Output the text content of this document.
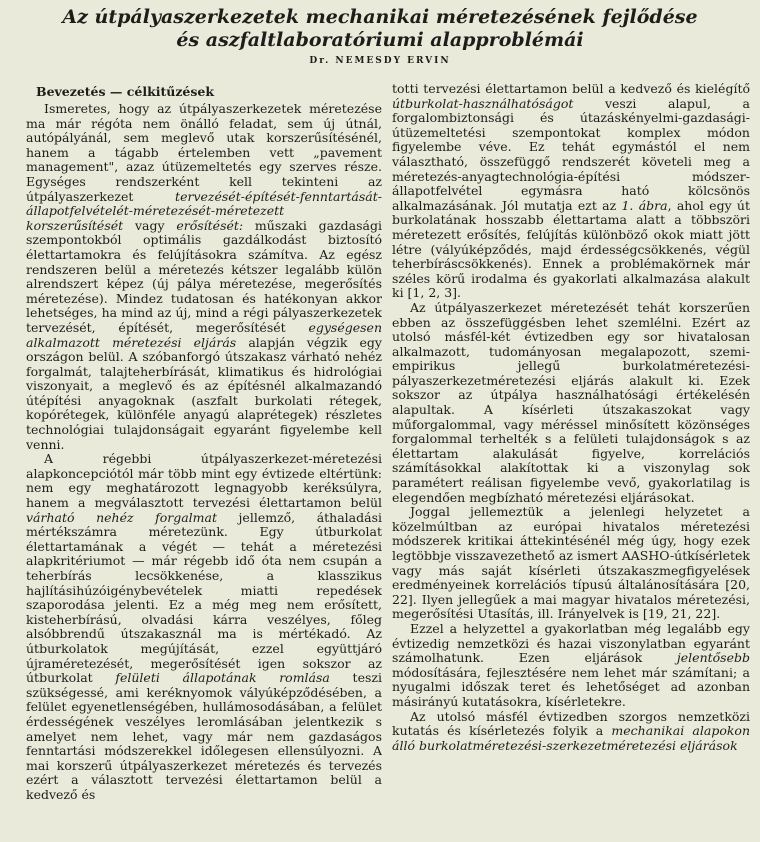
Az útpályaszerkezetek mechanikai méretezésének fejlődése
és aszfaltlaboratóriumi alapproblémái
Dr. NEMESDY ERVIN
Bevezetés — célkitűzések

Ismeretes, hogy az útpályaszerkezetek méretezése ma már régóta nem önálló feladat, sem új útnál, autópályánál, sem meglevő utak korszerűsítésénél, hanem a tágabb értelemben vett „pavement management", azaz útüzemeltetés egy szerves része. Egységes rendszerként kell tekinteni az útpályaszerkezet tervezését-építését-fenntartását-állapotfelvételét-méretezését-méretezett korszerűsítését vagy erősítését: műszaki gazdasági szempontokból optimális gazdálkodást biztosító élettartamokra és felújításokra számítva. Az egész rendszeren belül a méretezés kétszer legalább külön alrendszert képez (új pálya méretezése, megerősítés méretezése). Mindez tudatosan és hatékonyan akkor lehetséges, ha mind az új, mind a régi pályaszerkezetek tervezését, építését, megerősítését egységesen alkalmazott méretezési eljárás alapján végzik egy országon belül. A szóbanforgó útszakasz várható nehéz forgalmát, talajteherbírását, klimatikus és hidrológiai viszonyait, a meglevő és az építésnél alkalmazandó útépítési anyagoknak (aszfalt burkolati rétegek, kopórétegek, különféle anyagú alaprétegek) részletes technológiai tulajdonságait egyaránt figyelembe kell venni.

A régebbi útpályaszerkezet-méretezési alapkoncepciótól már több mint egy évtizede eltértünk: nem egy meghatározott legnagyobb keréksúlyra, hanem a megválasztott tervezési élettartamon belül várható nehéz forgalmat jellemző, áthaladási mértékszámra méretezünk. Egy útburkolat élettartamának a végét — tehát a méretezési alapkritériumot — már régebb idő óta nem csupán a teherbírás lecsökkenése, a klasszikus hajlításihúzóigénybevételek miatti repedések szaporodása jelenti. Ez a még meg nem erősített, kisteherbírású, olvadási kárra veszélyes, főleg alsóbbrendű útszakasznál ma is mértékadó. Az útburkolatok megújítását, ezzel együttjáró újraméretezését, megerősítését igen sokszor az útburkolat felületi állapotának romlása teszi szükségessé, ami keréknyomok vályúképződésében, a felület egyenetlenségében, hullámosodásában, a felület érdességének veszélyes leromlásában jelentkezik s amelyet nem lehet, vagy már nem gazdaságos fenntartási módszerekkel időlegesen ellensúlyozni. A mai korszerű útpályaszerkezet méretezés és tervezés ezért a választott tervezési élettartamon belül a kedvező és

totti tervezési élettartamon belül a kedvező és kielégítő útburkolat-használhatóságot veszi alapul, a forgalombiztonsági és útazáskényelmi-gazdasági-útüzemeltetési szempontokat komplex módon figyelembe véve. Ez tehát egymástól el nem választható, összefüggő rendszerét követeli meg a méretezés-anyagtechnológia-építési módszer-állapotfelvétel egymásra ható kölcsönös alkalmazásának. Jól mutatja ezt az 1. ábra, ahol egy út burkolatának hosszabb élettartama alatt a többszöri méretezett erősítés, felújítás különböző okok miatt jött létre (vályúképződés, majd érdességcsökkenés, végül teherbíráscsökkenés). Ennek a problémakörnek már széles körű irodalma és gyakorlati alkalmazása alakult ki [1, 2, 3].

Az útpályaszerkezet méretezését tehát korszerűen ebben az összefüggésben lehet szemlélni. Ezért az utolsó másfél-két évtizedben egy sor hivatalosan alkalmazott, tudományosan megalapozott, szemi-empirikus jellegű burkolatméretezési-pályaszerkezetméretezési eljárás alakult ki. Ezek sokszor az útpálya használhatósági értékelésén alapultak. A kísérleti útszakaszokat vagy műforgalommal, vagy méréssel minősített közönséges forgalommal terhelték s a felületi tulajdonságok s az élettartam alakulását figyelve, korrelációs számításokkal alakítottak ki a viszonylag sok paramétert reálisan figyelembe vevő, gyakorlatilag is elegendően megbízható méretezési eljárásokat.

Joggal jellemeztük a jelenlegi helyzetet a közelmúltban az európai hivatalos méretezési módszerek kritikai áttekintésénél még úgy, hogy ezek legtöbbje visszavezethető az ismert AASHO-útkísérletek vagy más saját kísérleti útszakaszmegfigyelések eredményeinek korrelációs típusú általánosítására [20, 22]. Ilyen jellegűek a mai magyar hivatalos méretezési, megerősítési Utasítás, ill. Irányelvek is [19, 21, 22].

Ezzel a helyzettel a gyakorlatban még legalább egy évtizedig nemzetközi és hazai viszonylatban egyaránt számolhatunk. Ezen eljárások jelentősebb módosítására, fejlesztésére nem lehet már számítani; a nyugalmi időszak teret és lehetőséget ad azonban másirányú kutatásokra, kísérletekre.

Az utolsó másfél évtizedben szorgos nemzetközi kutatás és kísérletezés folyik a mechanikai alapokon álló burkolatméretezési-szerkezetméretezési eljárások
